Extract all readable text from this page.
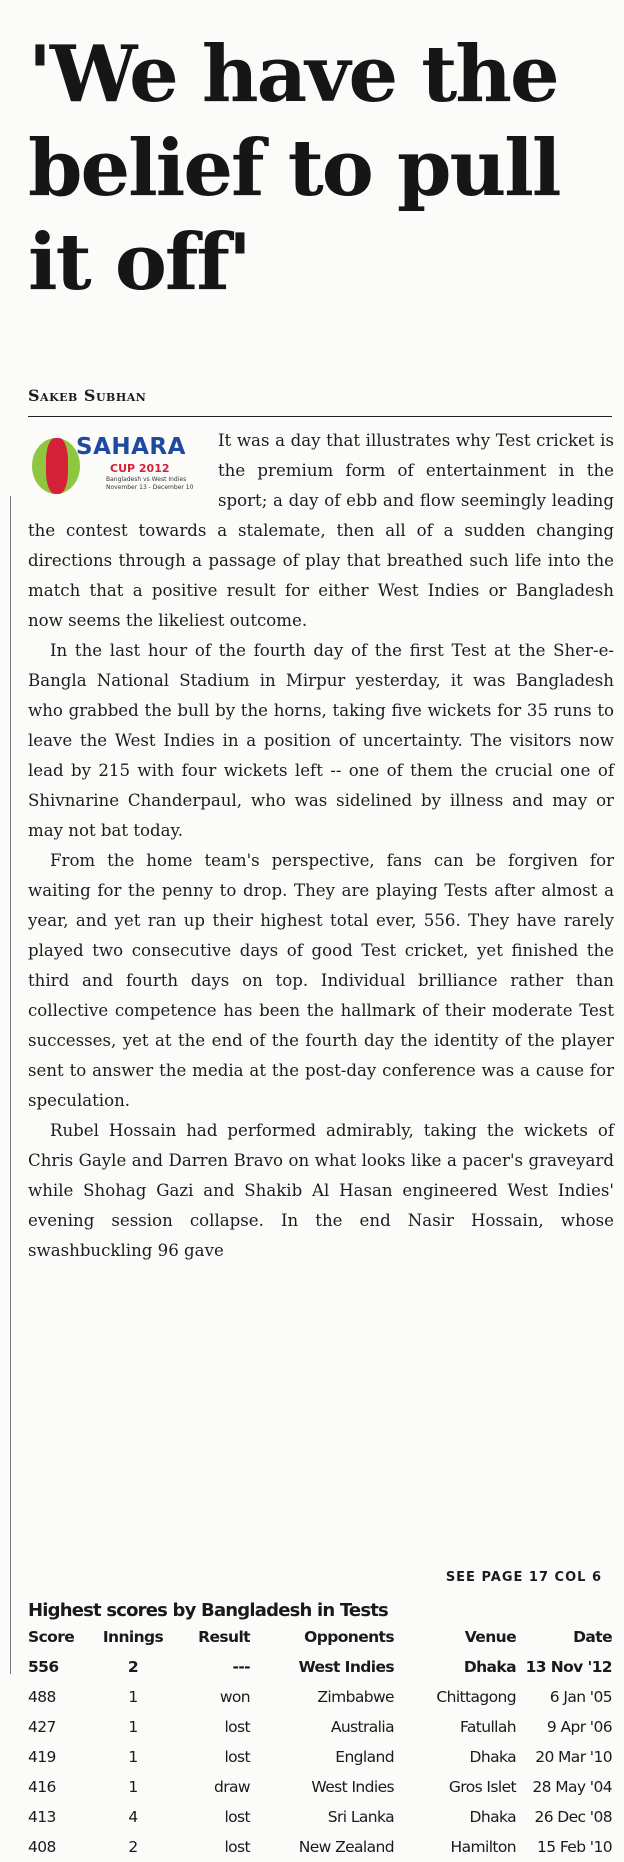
'We have the belief to pull it off'
Sakeb Subhan
SAHARA
CUP 2012
Bangladesh vs West Indies November 13 - December 10

It was a day that illustrates why Test cricket is the premium form of entertainment in the sport; a day of ebb and flow seemingly leading the contest towards a stalemate, then all of a sudden changing directions through a passage of play that breathed such life into the match that a positive result for either West Indies or Bangladesh now seems the likeliest outcome.

In the last hour of the fourth day of the first Test at the Sher-e-Bangla National Stadium in Mirpur yesterday, it was Bangladesh who grabbed the bull by the horns, taking five wickets for 35 runs to leave the West Indies in a position of uncertainty. The visitors now lead by 215 with four wickets left -- one of them the crucial one of Shivnarine Chanderpaul, who was sidelined by illness and may or may not bat today.

From the home team's perspective, fans can be forgiven for waiting for the penny to drop. They are playing Tests after almost a year, and yet ran up their highest total ever, 556. They have rarely played two consecutive days of good Test cricket, yet finished the third and fourth days on top. Individual brilliance rather than collective competence has been the hallmark of their moderate Test successes, yet at the end of the fourth day the identity of the player sent to answer the media at the post-day conference was a cause for speculation.

Rubel Hossain had performed admirably, taking the wickets of Chris Gayle and Darren Bravo on what looks like a pacer's graveyard while Shohag Gazi and Shakib Al Hasan engineered West Indies' evening session collapse. In the end Nasir Hossain, whose swashbuckling 96 gave

SEE PAGE 17 COL 6
Highest scores by Bangladesh in Tests
Score	Innings	Result	Opponents	Venue	Date
556	2	---	West Indies	Dhaka	13 Nov '12
488	1	won	Zimbabwe	Chittagong	6 Jan '05
427	1	lost	Australia	Fatullah	9 Apr '06
419	1	lost	England	Dhaka	20 Mar '10
416	1	draw	West Indies	Gros Islet	28 May '04
413	4	lost	Sri Lanka	Dhaka	26 Dec '08
408	2	lost	New Zealand	Hamilton	15 Feb '10
